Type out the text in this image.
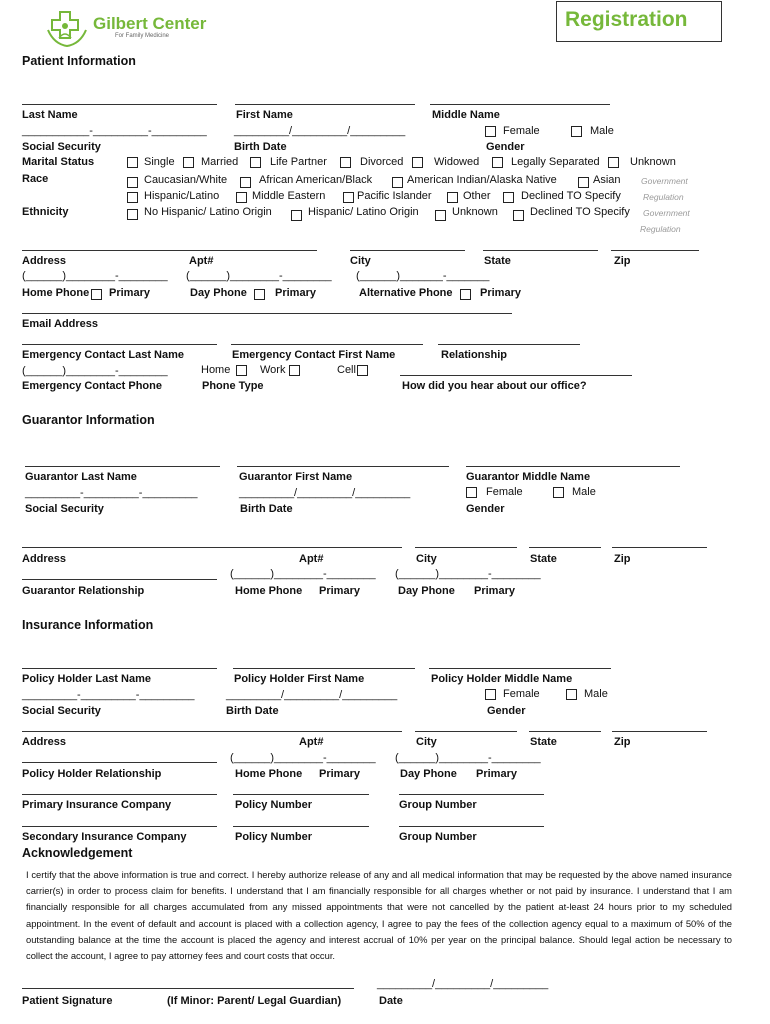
Gilbert Center
For Family Medicine
Registration
Patient Information
Last Name	First Name	Middle Name
___________-_________-_________ _________/_________/_________	Female	Male
Social Security	Birth Date	Gender
Marital Status	Single Married	Life Partner	Divorced	Widowed	Legally Separated	Unknown
Race	Caucasian/White	African American/Black	American Indian/Alaska Native	Asian Government
Hispanic/Latino	Middle Eastern	Pacific Islander	Other	Declined TO Specify	Regulation
Ethnicity	No Hispanic/ Latino Origin	Hispanic/ Latino Origin	Unknown	Declined TO Specify Government
Regulation
Address	Apt#	City	State	Zip
(______)________-________ (______)________-________ (______)_______-_______
Home Phone Primary	Day Phone	Primary	Alternative Phone Primary
Email Address
Emergency Contact Last Name	Emergency Contact First Name	Relationship
(______)________-________	Home	Work	Cell
Emergency Contact Phone	Phone Type	How did you hear about our office?
Guarantor Information
Guarantor Last Name	Guarantor First Name	Guarantor Middle Name
_________-_________-_________	_________/_________/_________	Female	Male
Social Security	Birth Date	Gender
Address	Apt#	City	State	Zip
(______)________-________ (______)________-________
Guarantor Relationship	Home Phone Primary	Day Phone Primary
Insurance Information
Policy Holder Last Name	Policy Holder First Name	Policy Holder Middle Name
_________-_________-_________	_________/_________/_________	Female	Male
Social Security	Birth Date	Gender
Address	Apt#	City	State	Zip
(______)________-________ (______)________-________
Policy Holder Relationship	Home Phone Primary	Day Phone Primary
Primary Insurance Company	Policy Number	Group Number
Secondary Insurance Company	Policy Number	Group Number
Acknowledgement
I certify that the above information is true and correct. I hereby authorize release of any and all medical information that may be requested by the above named insurance carrier(s) in order to process claim for benefits. I understand that I am financially responsible for all charges whether or not paid by insurance. I understand that I am financially responsible for all charges accumulated from any missed appointments that were not cancelled by the patient at-least 24 hours prior to my scheduled appointment. In the event of default and account is placed with a collection agency, I agree to pay the fees of the collection agency equal to a maximum of 50% of the outstanding balance at the time the account is placed the agency and interest accrual of 10% per year on the principal balance. Should legal action be necessary to collect the account, I agree to pay attorney fees and court costs that occur.
_________/_________/_________
Patient Signature	(If Minor: Parent/ Legal Guardian)	Date
